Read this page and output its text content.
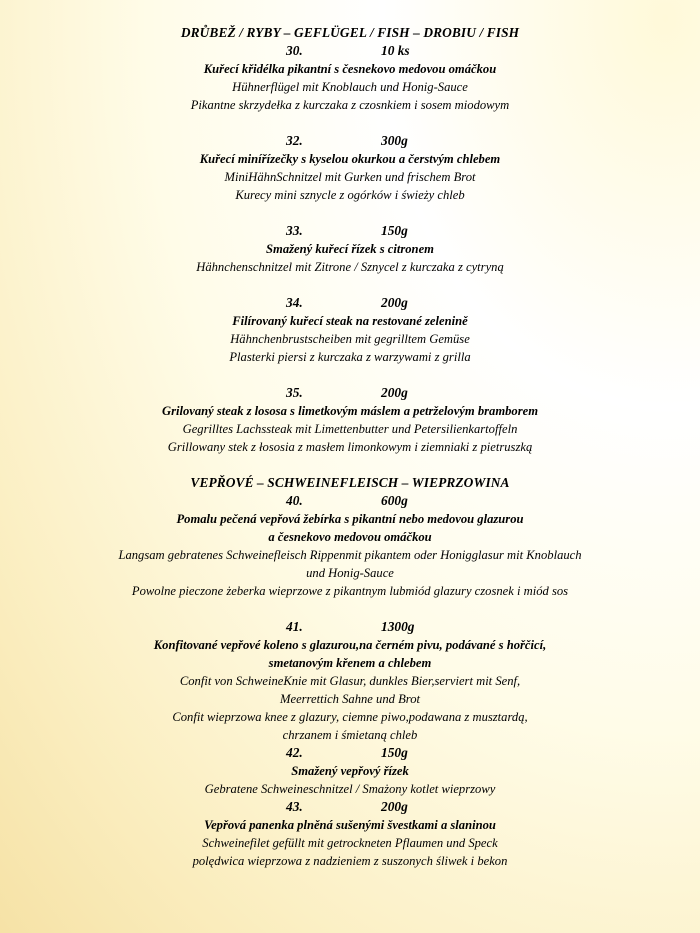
DRŮBEŽ / RYBY – GEFLÜGEL / FISH – DROBIU / FISH
30.	10 ks
Kuřecí křidélka pikantní s česnekovo medovou omáčkou
Hühnerflügel mit Knoblauch und Honig-Sauce
Pikantne skrzydełka z kurczaka z czosnkiem i sosem miodowym
32.	300g
Kuřecí minířízečky s kyselou okurkou a čerstvým chlebem
MiniHähnSchnitzel mit Gurken und frischem Brot
Kurecy mini sznycle z ogórków i świeży chleb
33.	150g
Smažený kuřecí řízek s citronem
Hähnchenschnitzel mit Zitrone / Sznycel z kurczaka z cytryną
34.	200g
Filírovaný kuřecí steak na restované zelenině
Hähnchenbrustscheiben mit gegrilltem Gemüse
Plasterki piersi z kurczaka z warzywami z grilla
35.	200g
Grilovaný steak z lososa s limetkovým máslem a petrželovým bramborem
Gegrilltes Lachssteak mit Limettenbutter und Petersilienkartoffeln
Grillowany stek z łososia z masłem limonkowym i ziemniaki z pietruszką
VEPŘOVÉ – SCHWEINEFLEISCH – WIEPRZOWINA
40.	600g
Pomalu pečená vepřová žebírka s pikantní nebo medovou glazurou
a česnekovo medovou omáčkou
Langsam gebratenes Schweinefleisch Rippenmit pikantem oder Honigglasur mit Knoblauch
und Honig-Sauce
Powolne pieczone żeberka wieprzowe z pikantnym lubmiód glazury czosnek i miód sos
41.	1300g
Konfitované vepřové koleno s glazurou,na černém pivu, podávané s hořčicí,
smetanovým křenem a chlebem
Confit von SchweineKnie mit Glasur, dunkles Bier,serviert mit Senf,
Meerrettich Sahne und Brot
Confit wieprzowa knee z glazury, ciemne piwo,podawana z musztardą,
chrzanem i śmietaną chleb
42.	150g
Smažený vepřový řízek
Gebratene Schweineschnitzel / Smażony kotlet wieprzowy
43.	200g
Vepřová panenka plněná sušenými švestkami a slaninou
Schweinefilet gefüllt mit getrockneten Pflaumen und Speck
polędwica wieprzowa z nadzieniem z suszonych śliwek i bekon
